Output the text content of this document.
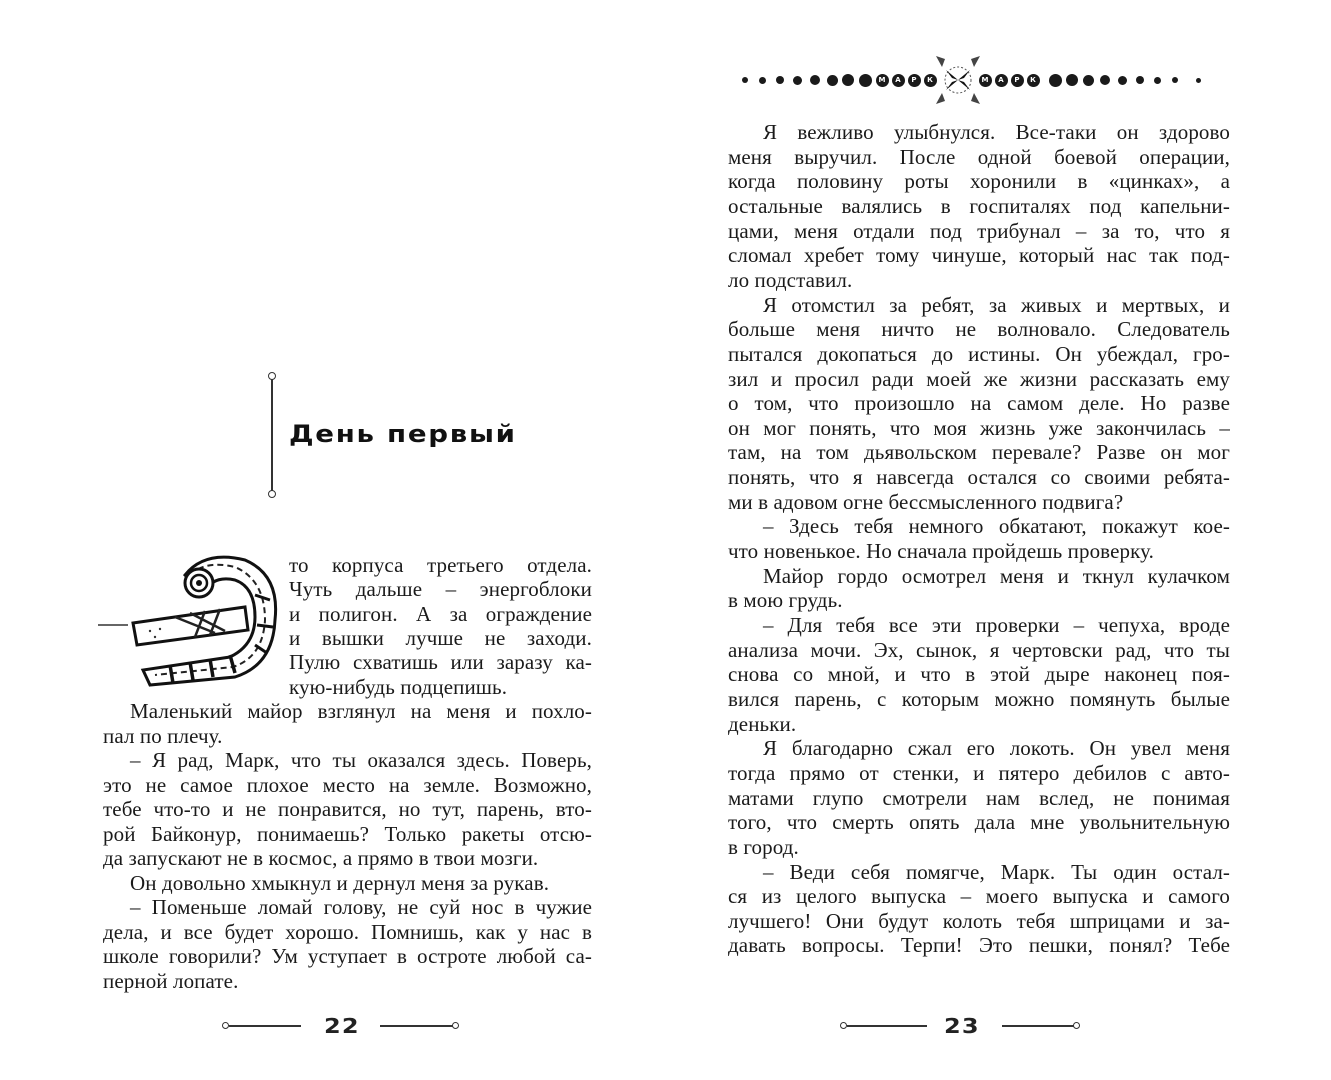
День первый
то корпуса третьего отдела.
Чуть дальше – энергоблоки
и полигон. А за ограждение
и вышки лучше не заходи.
Пулю схватишь или заразу ка-
кую-нибудь подцепишь.
Маленький майор взглянул на меня и похло-
пал по плечу.
– Я рад, Марк, что ты оказался здесь. Поверь,
это не самое плохое место на земле. Возможно,
тебе что-то и не понравится, но тут, парень, вто-
рой Байконур, понимаешь? Только ракеты отсю-
да запускают не в космос, а прямо в твои мозги.
Он довольно хмыкнул и дернул меня за рукав.
– Поменьше ломай голову, не суй нос в чужие
дела, и все будет хорошо. Помнишь, как у нас в
школе говорили? Ум уступает в остроте любой са-
перной лопате.
22
М	А	Р	К	М	А	Р	К
Я вежливо улыбнулся. Все-таки он здорово
меня выручил. После одной боевой операции,
когда половину роты хоронили в «цинках», а
остальные валялись в госпиталях под капельни-
цами, меня отдали под трибунал – за то, что я
сломал хребет тому чинуше, который нас так под-
ло подставил.
Я отомстил за ребят, за живых и мертвых, и
больше меня ничто не волновало. Следователь
пытался докопаться до истины. Он убеждал, гро-
зил и просил ради моей же жизни рассказать ему
о том, что произошло на самом деле. Но разве
он мог понять, что моя жизнь уже закончилась –
там, на том дьявольском перевале? Разве он мог
понять, что я навсегда остался со своими ребята-
ми в адовом огне бессмысленного подвига?
– Здесь тебя немного обкатают, покажут кое-
что новенькое. Но сначала пройдешь проверку.
Майор гордо осмотрел меня и ткнул кулачком
в мою грудь.
– Для тебя все эти проверки – чепуха, вроде
анализа мочи. Эх, сынок, я чертовски рад, что ты
снова со мной, и что в этой дыре наконец поя-
вился парень, с которым можно помянуть былые
деньки.
Я благодарно сжал его локоть. Он увел меня
тогда прямо от стенки, и пятеро дебилов с авто-
матами глупо смотрели нам вслед, не понимая
того, что смерть опять дала мне увольнительную
в город.
– Веди себя помягче, Марк. Ты один остал-
ся из целого выпуска – моего выпуска и самого
лучшего! Они будут колоть тебя шприцами и за-
давать вопросы. Терпи! Это пешки, понял? Тебе
23
